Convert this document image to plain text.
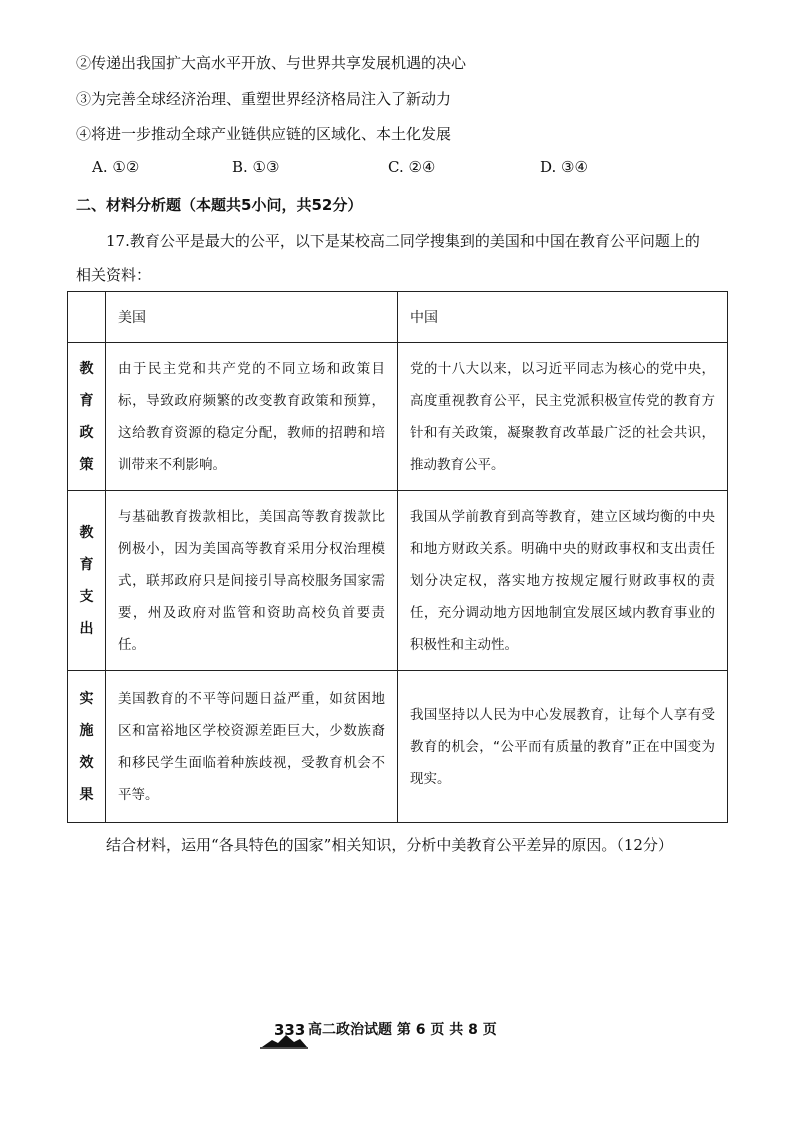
②传递出我国扩大高水平开放、与世界共享发展机遇的决心
③为完善全球经济治理、重塑世界经济格局注入了新动力
④将进一步推动全球产业链供应链的区域化、本土化发展
A. ①②	B. ①③	C. ②④	D. ③④
二、材料分析题（本题共5小问，共52分）
17.教育公平是最大的公平，以下是某校高二同学搜集到的美国和中国在教育公平问题上的
相关资料：
	美国	中国

教
育
政
策	由于民主党和共产党的不同立场和政策目标，导致政府频繁的改变教育政策和预算，这给教育资源的稳定分配，教师的招聘和培训带来不利影响。	党的十八大以来，以习近平同志为核心的党中央，高度重视教育公平，民主党派积极宣传党的教育方针和有关政策，凝聚教育改革最广泛的社会共识，推动教育公平。

教
育
支
出	与基础教育拨款相比，美国高等教育拨款比例极小，因为美国高等教育采用分权治理模式，联邦政府只是间接引导高校服务国家需要，州及政府对监管和资助高校负首要责任。	我国从学前教育到高等教育，建立区域均衡的中央和地方财政关系。明确中央的财政事权和支出责任划分决定权，落实地方按规定履行财政事权的责任，充分调动地方因地制宜发展区域内教育事业的积极性和主动性。

实
施
效
果	美国教育的不平等问题日益严重，如贫困地区和富裕地区学校资源差距巨大，少数族裔和移民学生面临着种族歧视，受教育机会不平等。	我国坚持以人民为中心发展教育，让每个人享有受教育的机会，“公平而有质量的教育”正在中国变为现实。
结合材料，运用“各具特色的国家”相关知识，分析中美教育公平差异的原因。（12分）
333 高二政治试题 第 6 页 共 8 页
